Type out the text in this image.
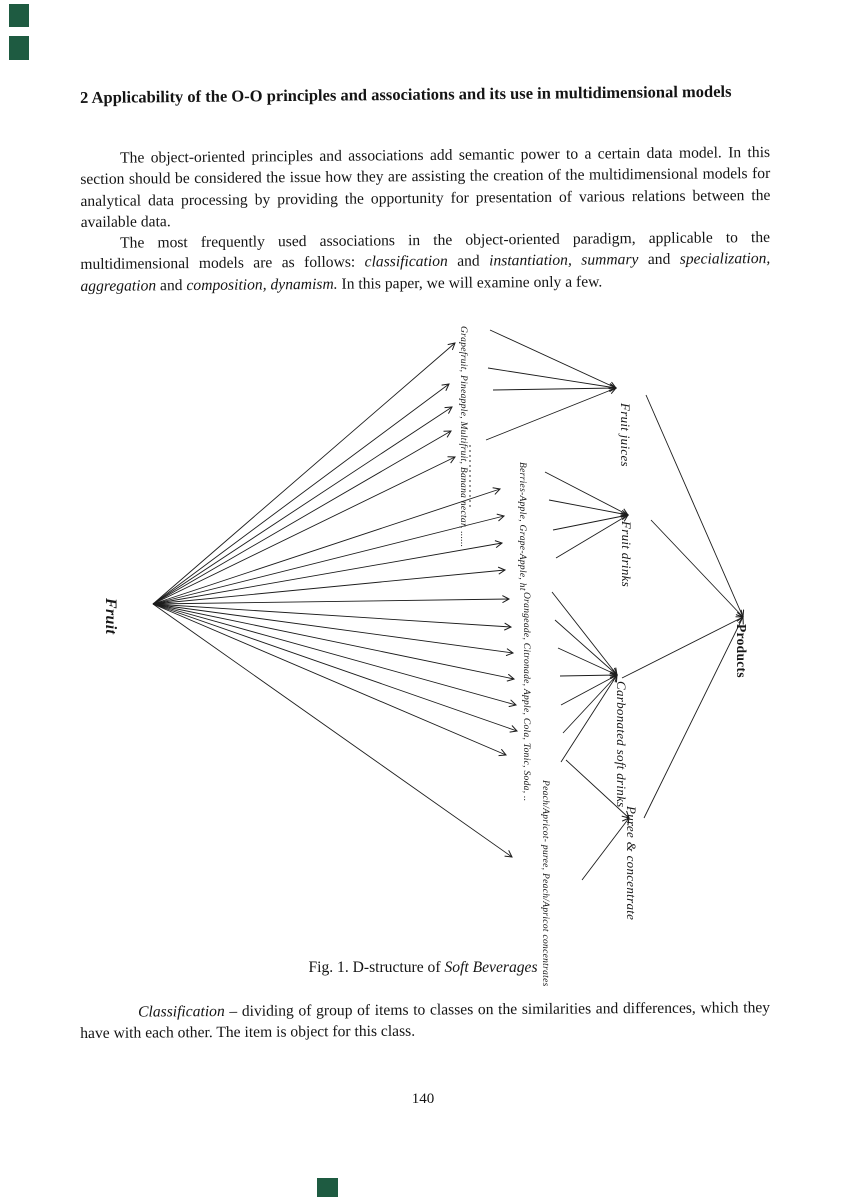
2 Applicability of the O-O principles and associations and its use in multidimensional models

The object-oriented principles and associations add semantic power to a certain data model. In this section should be considered the issue how they are assisting the creation of the multidimensional models for analytical data processing by providing the opportunity for presentation of various relations between the available data.

The most frequently used associations in the object-oriented paradigm, applicable to the multidimensional models are as follows: classification and instantiation, summary and specialization, aggregation and composition, dynamism. In this paper, we will examine only a few.

Fruit
Grapefruit, Pineapple, Multifruit, Banana nectar, ......	Berries-Apple, Grape-Apple, ht
Orangeade, Citronade, Apple, Cola, Tonic, Soda, ..
Peach/Apricot- puree, Peach/Apricot concentrates
Fruit juices
Fruit drinks
Carbonated soft drinks
Puree & concentrate
Products
Fig. 1. D-structure of Soft Beverages

Classification – dividing of group of items to classes on the similarities and differences, which they have with each other. The item is object for this class.

140
